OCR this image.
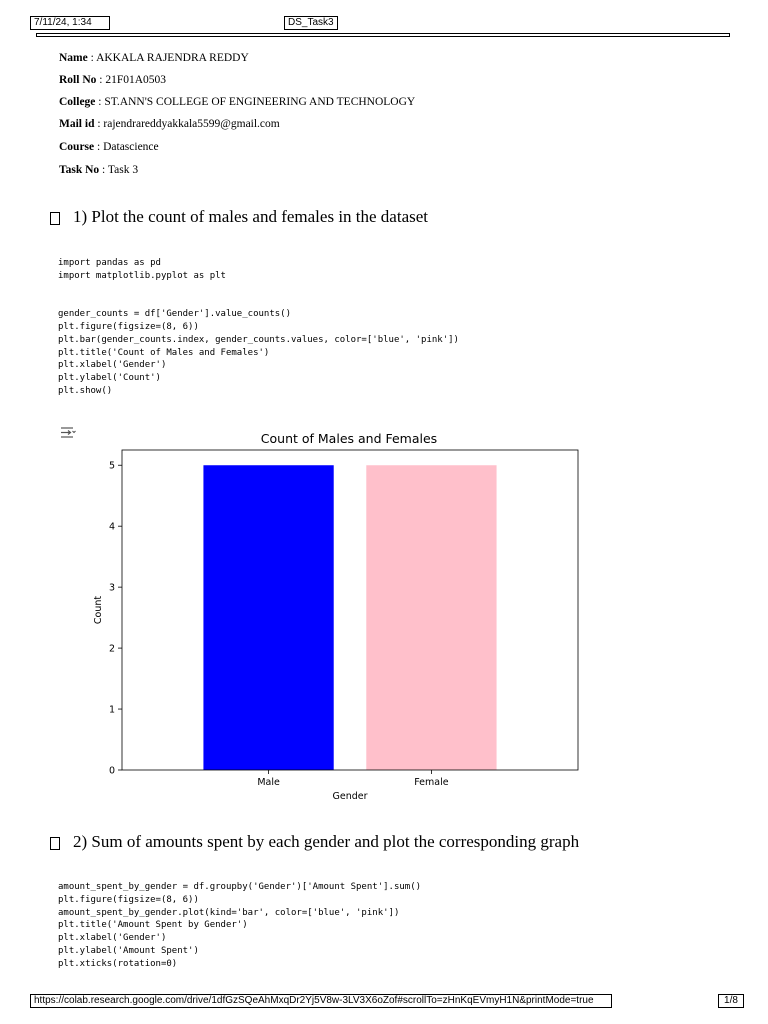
7/11/24, 1:34	DS_Task3
Name : AKKALA RAJENDRA REDDY
Roll No : 21F01A0503
College : ST.ANN'S COLLEGE OF ENGINEERING AND TECHNOLOGY
Mail id : rajendrareddyakkala5599@gmail.com
Course : Datascience
Task No : Task 3
1) Plot the count of males and females in the dataset
import pandas as pd
import matplotlib.pyplot as plt

gender_counts = df['Gender'].value_counts()
plt.figure(figsize=(8, 6))
plt.bar(gender_counts.index, gender_counts.values, color=['blue', 'pink'])
plt.title('Count of Males and Females')
plt.xlabel('Gender')
plt.ylabel('Count')
plt.show()
Count of Males and Females
0
1
2
3
4
5
Male	Female
Gender
Count
2) Sum of amounts spent by each gender and plot the corresponding graph
amount_spent_by_gender = df.groupby('Gender')['Amount Spent'].sum()
plt.figure(figsize=(8, 6))
amount_spent_by_gender.plot(kind='bar', color=['blue', 'pink'])
plt.title('Amount Spent by Gender')
plt.xlabel('Gender')
plt.ylabel('Amount Spent')
plt.xticks(rotation=0)
https://colab.research.google.com/drive/1dfGzSQeAhMxqDr2Yj5V8w-3LV3X6oZof#scrollTo=zHnKqEVmyH1N&printMode=true	1/8
